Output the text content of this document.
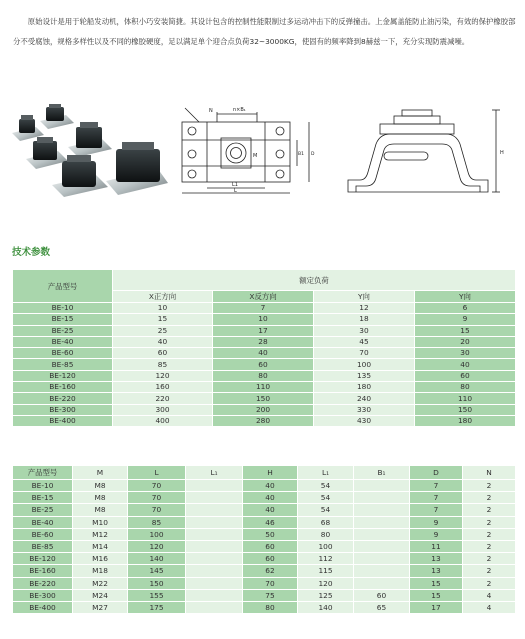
　　原始设计是用于轮船发动机，体积小巧安装简捷。其设计包含的控制性能限制过多运动冲击下的反弹撞击。上金属盖能防止油污染，有效的保护橡胶部分不受腐蚀，规格多样性以及不同的橡胶硬度，足以满足单个迎合点负荷32~3000KG，使固有的频率降到8赫兹一下，充分实现防震减噪。

N	n×B₁
M	B1 D
L1
L
H
技术参数
产品型号	额定负荷			
	X正方向	X反方向	Y向	Y向
BE-10	10	7	12	6
BE-15	15	10	18	9
BE-25	25	17	30	15
BE-40	40	28	45	20
BE-60	60	40	70	30
BE-85	85	60	100	40
BE-120	120	80	135	60
BE-160	160	110	180	80
BE-220	220	150	240	110
BE-300	300	200	330	150
BE-400	400	280	430	180
产品型号	M	L	L₁	H	L₁	B₁	D	N
BE-10	M8	70		40	54		7	2
BE-15	M8	70		40	54		7	2
BE-25	M8	70		40	54		7	2
BE-40	M10	85		46	68		9	2
BE-60	M12	100		50	80		9	2
BE-85	M14	120		60	100		11	2
BE-120	M16	140		60	112		13	2
BE-160	M18	145		62	115		13	2
BE-220	M22	150		70	120		15	2
BE-300	M24	155		75	125	60	15	4
BE-400	M27	175		80	140	65	17	4
